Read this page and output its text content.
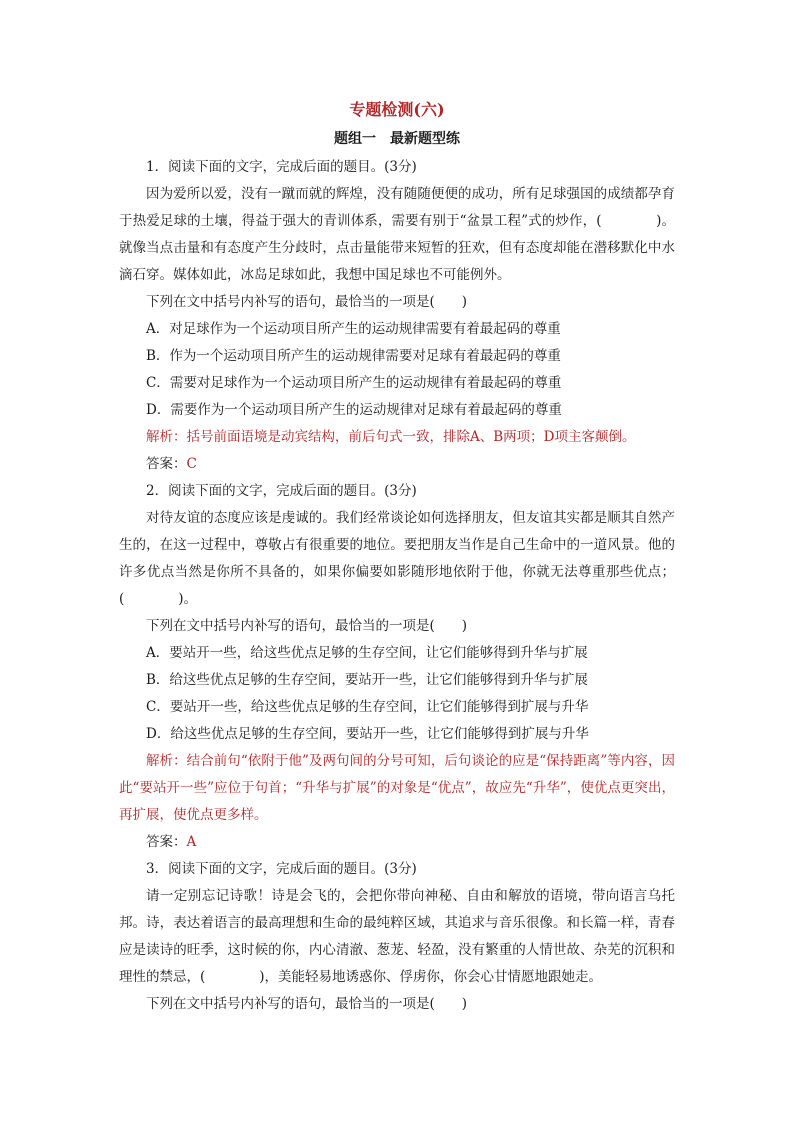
专题检测(六)
题组一　最新题型练

1．阅读下面的文字，完成后面的题目。(3分)

因为爱所以爱，没有一蹴而就的辉煌，没有随随便便的成功，所有足球强国的成绩都孕育于热爱足球的土壤，得益于强大的青训体系，需要有别于“盆景工程”式的炒作，(　　　　)。就像当点击量和有态度产生分歧时，点击量能带来短暂的狂欢，但有态度却能在潜移默化中水滴石穿。媒体如此，冰岛足球如此，我想中国足球也不可能例外。

下列在文中括号内补写的语句，最恰当的一项是(　　)

A．对足球作为一个运动项目所产生的运动规律需要有着最起码的尊重

B．作为一个运动项目所产生的运动规律需要对足球有着最起码的尊重

C．需要对足球作为一个运动项目所产生的运动规律有着最起码的尊重

D．需要作为一个运动项目所产生的运动规律对足球有着最起码的尊重

解析：括号前面语境是动宾结构，前后句式一致，排除A、B两项；D项主客颠倒。

答案：C

2．阅读下面的文字，完成后面的题目。(3分)

对待友谊的态度应该是虔诚的。我们经常谈论如何选择朋友，但友谊其实都是顺其自然产生的，在这一过程中，尊敬占有很重要的地位。要把朋友当作是自己生命中的一道风景。他的许多优点当然是你所不具备的，如果你偏要如影随形地依附于他，你就无法尊重那些优点；(　　　　)。

下列在文中括号内补写的语句，最恰当的一项是(　　)

A．要站开一些，给这些优点足够的生存空间，让它们能够得到升华与扩展

B．给这些优点足够的生存空间，要站开一些，让它们能够得到升华与扩展

C．要站开一些，给这些优点足够的生存空间，让它们能够得到扩展与升华

D．给这些优点足够的生存空间，要站开一些，让它们能够得到扩展与升华

解析：结合前句“依附于他”及两句间的分号可知，后句谈论的应是“保持距离”等内容，因此“要站开一些”应位于句首；“升华与扩展”的对象是“优点”，故应先“升华”，使优点更突出，再扩展，使优点更多样。

答案：A

3．阅读下面的文字，完成后面的题目。(3分)

请一定别忘记诗歌！诗是会飞的，会把你带向神秘、自由和解放的语境，带向语言乌托邦。诗，表达着语言的最高理想和生命的最纯粹区域，其追求与音乐很像。和长篇一样，青春应是读诗的旺季，这时候的你，内心清澈、葱茏、轻盈，没有繁重的人情世故、杂芜的沉积和理性的禁忌，(　　　　)，美能轻易地诱惑你、俘虏你，你会心甘情愿地跟她走。

下列在文中括号内补写的语句，最恰当的一项是(　　)
